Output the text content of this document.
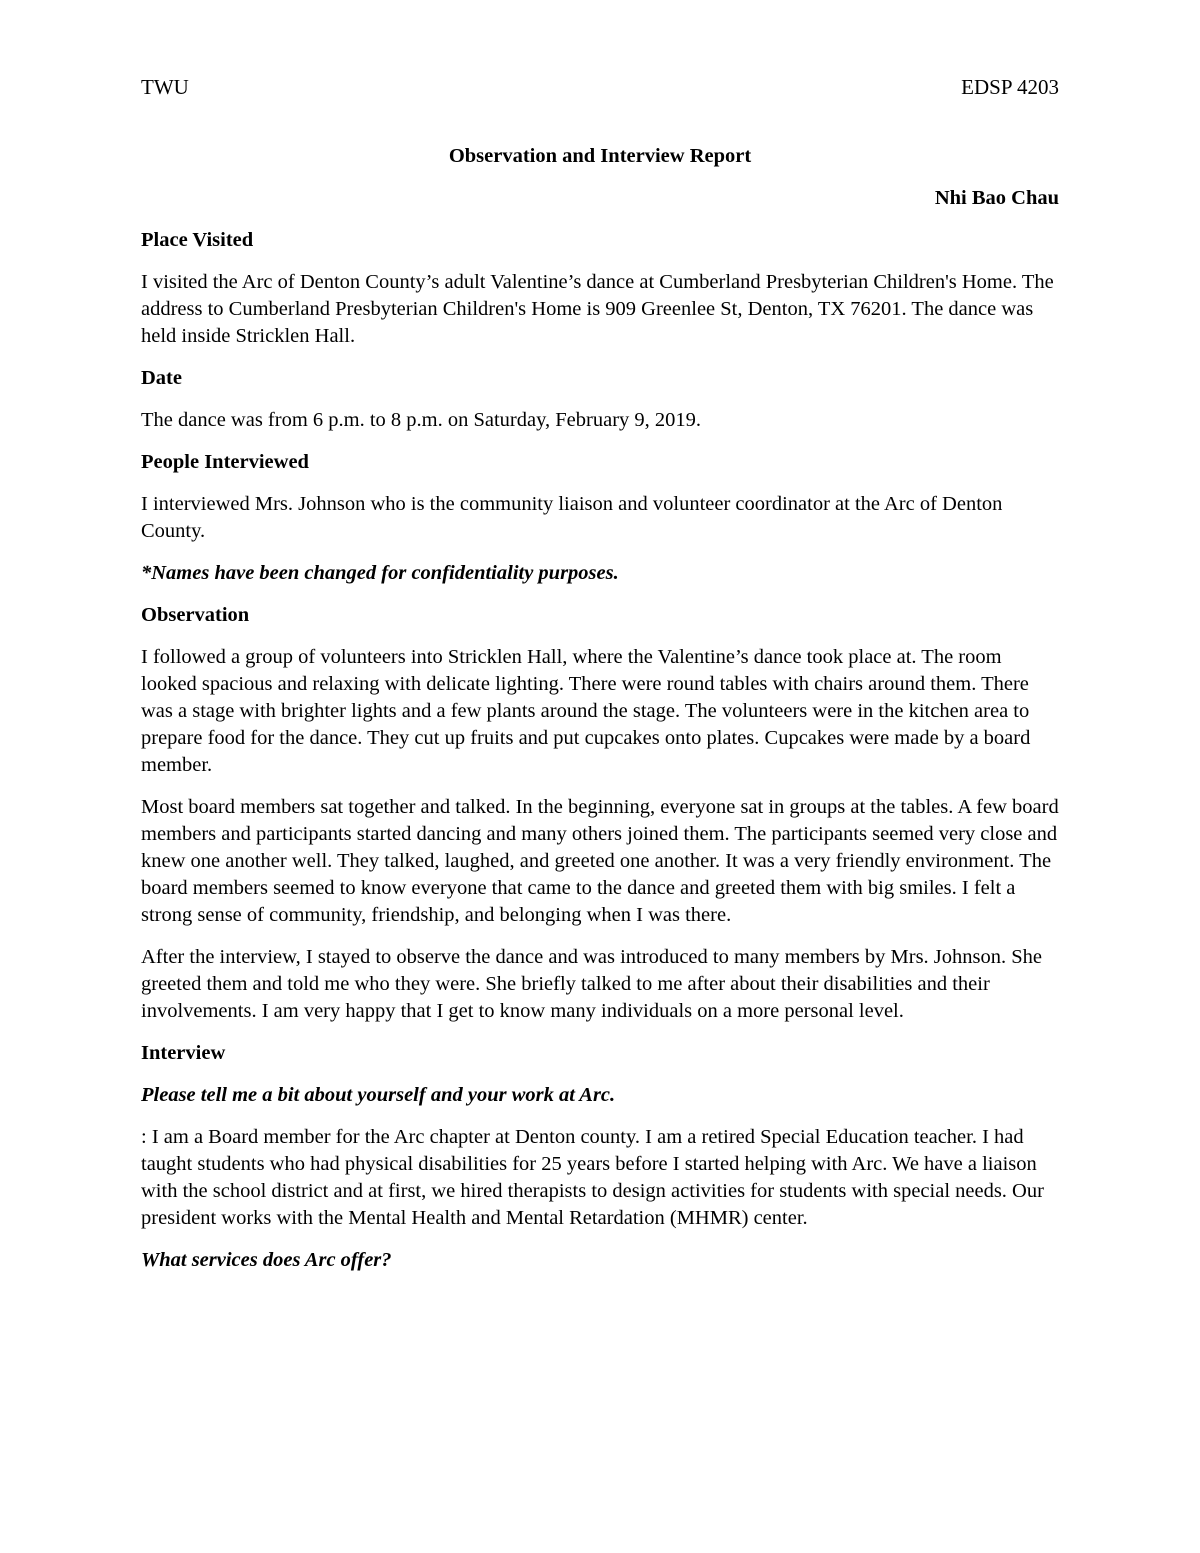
TWU	EDSP 4203
Observation and Interview Report
Nhi Bao Chau
Place Visited

I visited the Arc of Denton County’s adult Valentine’s dance at Cumberland Presbyterian Children's Home. The address to Cumberland Presbyterian Children's Home is 909 Greenlee St, Denton, TX 76201. The dance was held inside Stricklen Hall.

Date

The dance was from 6 p.m. to 8 p.m. on Saturday, February 9, 2019.

People Interviewed

I interviewed Mrs. Johnson who is the community liaison and volunteer coordinator at the Arc of Denton County.

*Names have been changed for confidentiality purposes.

Observation

I followed a group of volunteers into Stricklen Hall, where the Valentine’s dance took place at. The room looked spacious and relaxing with delicate lighting. There were round tables with chairs around them. There was a stage with brighter lights and a few plants around the stage. The volunteers were in the kitchen area to prepare food for the dance. They cut up fruits and put cupcakes onto plates. Cupcakes were made by a board member.

Most board members sat together and talked. In the beginning, everyone sat in groups at the tables. A few board members and participants started dancing and many others joined them. The participants seemed very close and knew one another well. They talked, laughed, and greeted one another. It was a very friendly environment. The board members seemed to know everyone that came to the dance and greeted them with big smiles. I felt a strong sense of community, friendship, and belonging when I was there.

After the interview, I stayed to observe the dance and was introduced to many members by Mrs. Johnson. She greeted them and told me who they were. She briefly talked to me after about their disabilities and their involvements. I am very happy that I get to know many individuals on a more personal level.

Interview

Please tell me a bit about yourself and your work at Arc.

: I am a Board member for the Arc chapter at Denton county. I am a retired Special Education teacher. I had taught students who had physical disabilities for 25 years before I started helping with Arc. We have a liaison with the school district and at first, we hired therapists to design activities for students with special needs. Our president works with the Mental Health and Mental Retardation (MHMR) center.

What services does Arc offer?
